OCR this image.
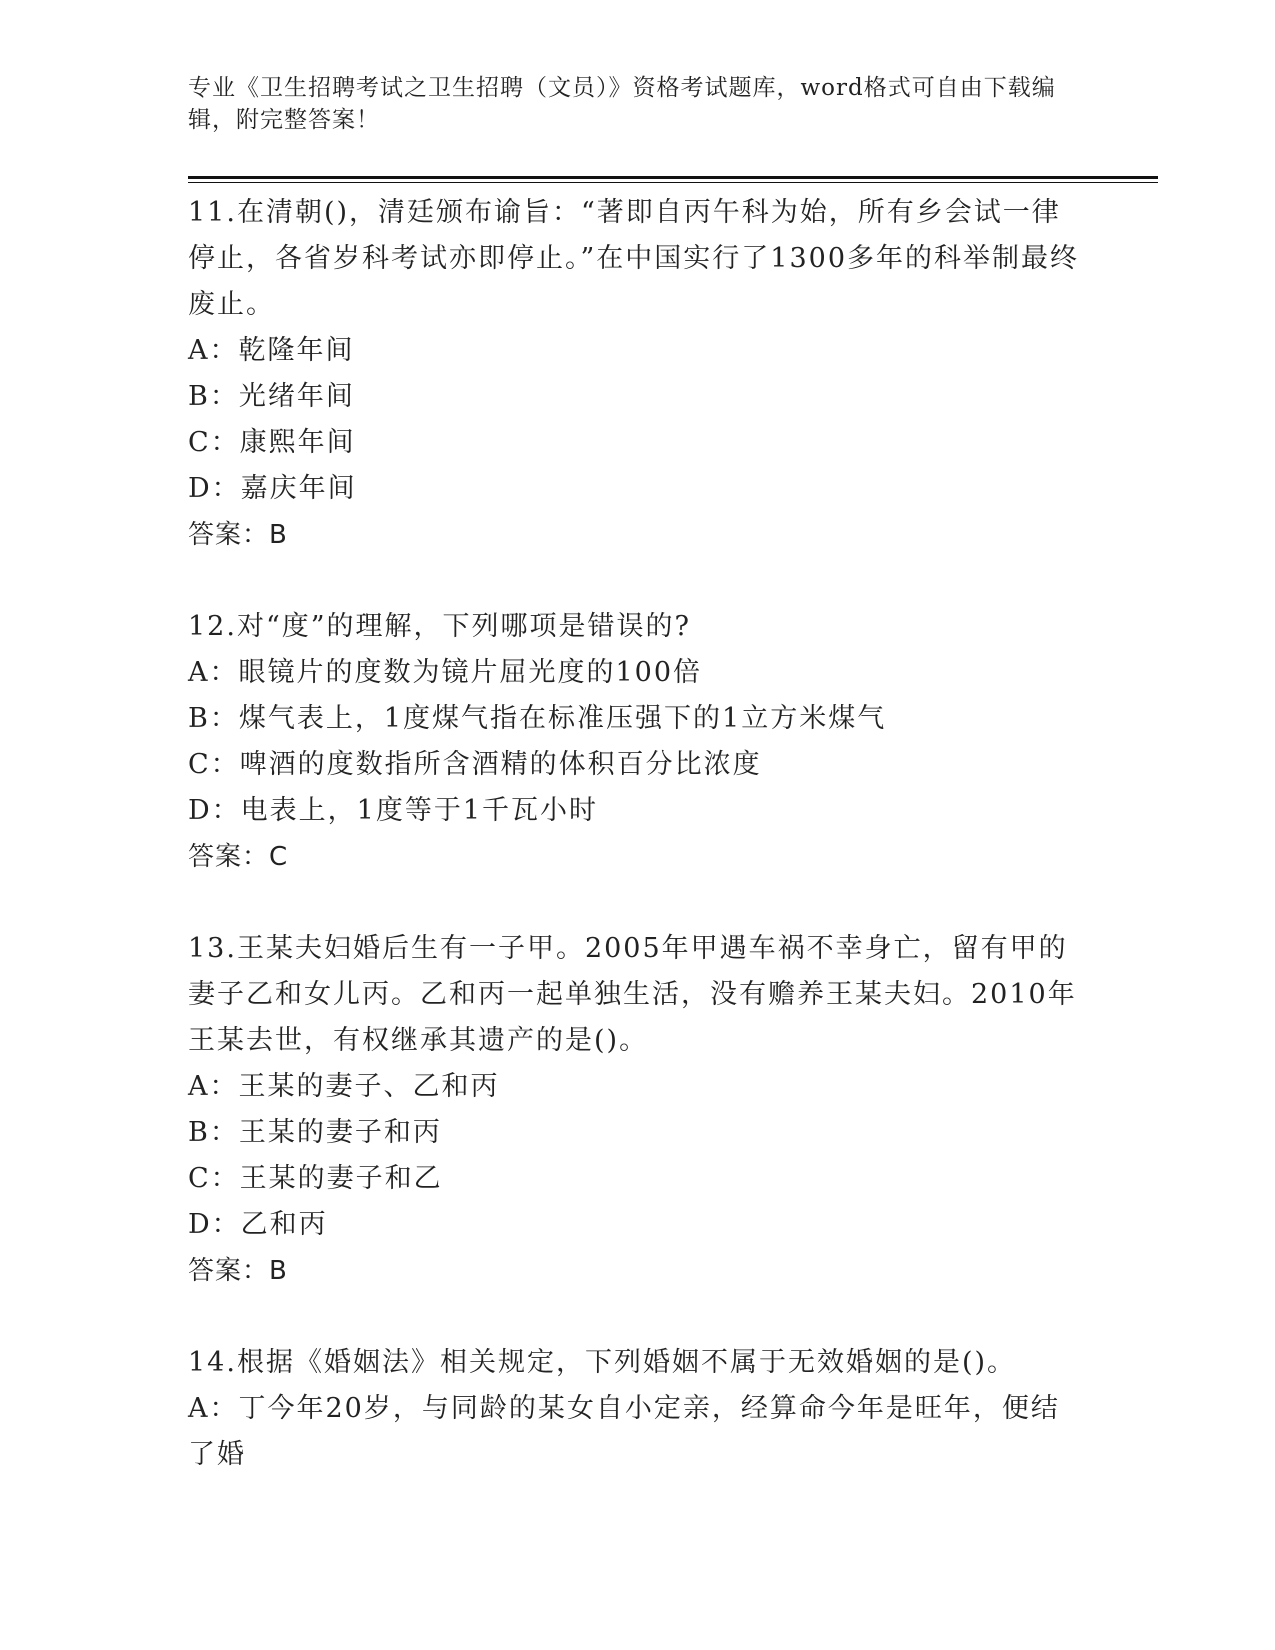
专业《卫生招聘考试之卫生招聘（文员）》资格考试题库，word格式可自由下载编辑，附完整答案！
11.在清朝()，清廷颁布谕旨：“著即自丙午科为始，所有乡会试一律停止，各省岁科考试亦即停止。”在中国实行了1300多年的科举制最终废止。
A：乾隆年间
B：光绪年间
C：康熙年间
D：嘉庆年间
答案：B
12.对“度”的理解，下列哪项是错误的?
A：眼镜片的度数为镜片屈光度的100倍
B：煤气表上，1度煤气指在标准压强下的1立方米煤气
C：啤酒的度数指所含酒精的体积百分比浓度
D：电表上，1度等于1千瓦小时
答案：C
13.王某夫妇婚后生有一子甲。2005年甲遇车祸不幸身亡，留有甲的妻子乙和女儿丙。乙和丙一起单独生活，没有赡养王某夫妇。2010年王某去世，有权继承其遗产的是()。
A：王某的妻子、乙和丙
B：王某的妻子和丙
C：王某的妻子和乙
D：乙和丙
答案：B
14.根据《婚姻法》相关规定，下列婚姻不属于无效婚姻的是()。
A：丁今年20岁，与同龄的某女自小定亲，经算命今年是旺年，便结了婚
